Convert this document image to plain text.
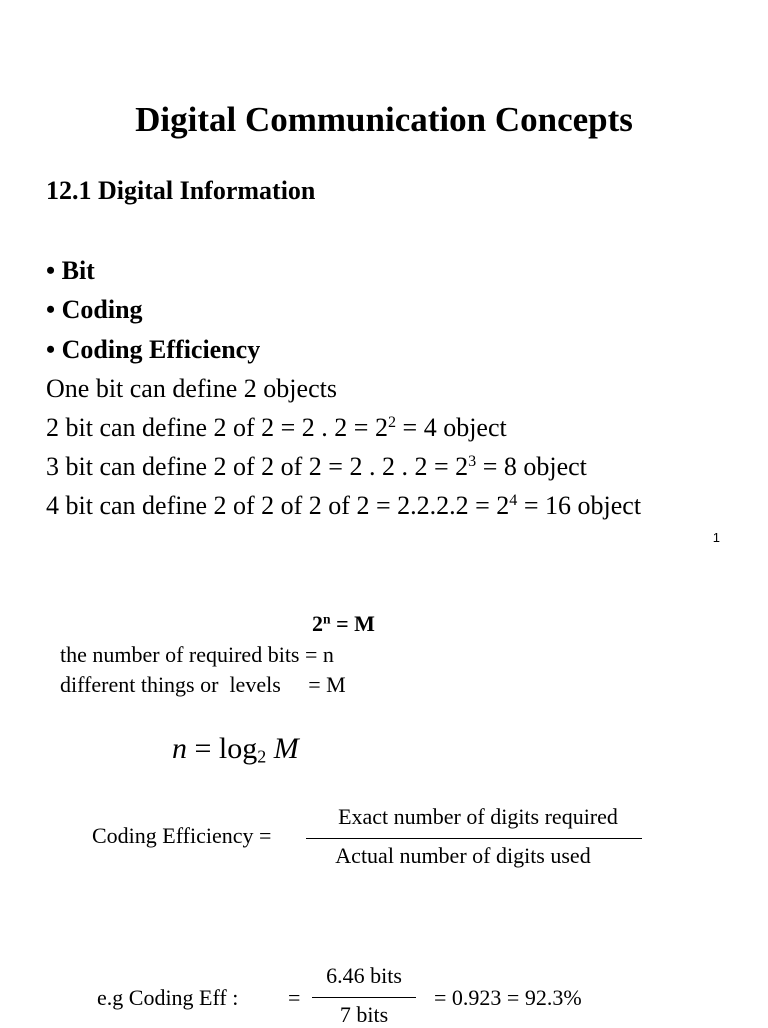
Digital Communication Concepts
12.1 Digital Information
• Bit
• Coding
• Coding Efficiency
One bit can define 2 objects
2 bit can define 2 of 2 = 2 . $2 = 2^2 = 4$ object
3 bit can define 2 of 2 of 2 = 2 . 2 . $2 = 2^3 = 8$ object
4 bit can define 2 of 2 of 2 of $2 = 2.2.2.2 = 2^4 = 16$ object
1
$2^n = M$
the number of required bits = n
different things or  levels     = M
$n = \log_2 M$
Coding Efficiency =
Exact number of digits required
Actual number of digits used
e.g Coding Eff : =
6.46 bits
7 bits
= 0.923 = 92.3%
